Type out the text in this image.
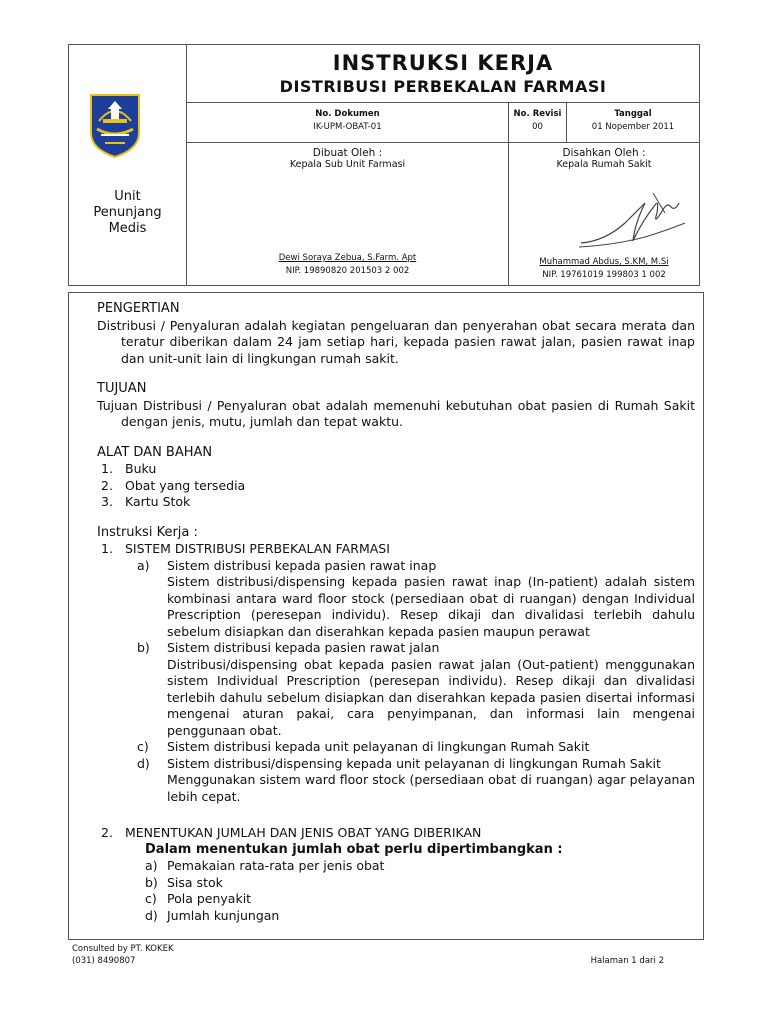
Unit
Penunjang
Medis
INSTRUKSI KERJA
DISTRIBUSI PERBEKALAN FARMASI
No. Dokumen
IK-UPM-OBAT-01
No. Revisi
00
Tanggal
01 Nopember 2011
Dibuat Oleh :
Kepala Sub Unit Farmasi
Dewi Soraya Zebua, S.Farm. Apt
NIP. 19890820 201503 2 002
Disahkan Oleh :
Kepala Rumah Sakit
Muhammad Abdus, S.KM, M.Si
NIP. 19761019 199803 1 002
PENGERTIAN
Distribusi / Penyaluran adalah kegiatan pengeluaran dan penyerahan obat secara merata dan teratur diberikan dalam 24 jam setiap hari, kepada pasien rawat jalan, pasien rawat inap dan unit-unit lain di lingkungan rumah sakit.
TUJUAN
Tujuan Distribusi / Penyaluran obat adalah memenuhi kebutuhan obat pasien di Rumah Sakit dengan jenis, mutu, jumlah dan tepat waktu.
ALAT DAN BAHAN
1. Buku
2. Obat yang tersedia
3. Kartu Stok
Instruksi Kerja :
1. SISTEM DISTRIBUSI PERBEKALAN FARMASI
a) Sistem distribusi kepada pasien rawat inap
Sistem distribusi/dispensing kepada pasien rawat inap (In-patient) adalah sistem kombinasi antara ward floor stock (persediaan obat di ruangan) dengan Individual Prescription (peresepan individu). Resep dikaji dan divalidasi terlebih dahulu sebelum disiapkan dan diserahkan kepada pasien maupun perawat
b) Sistem distribusi kepada pasien rawat jalan
Distribusi/dispensing obat kepada pasien rawat jalan (Out-patient) menggunakan sistem Individual Prescription (peresepan individu). Resep dikaji dan divalidasi terlebih dahulu sebelum disiapkan dan diserahkan kepada pasien disertai informasi mengenai aturan pakai, cara penyimpanan, dan informasi lain mengenai penggunaan obat.
c) Sistem distribusi kepada unit pelayanan di lingkungan Rumah Sakit
d) Sistem distribusi/dispensing kepada unit pelayanan di lingkungan Rumah Sakit
Menggunakan sistem ward floor stock (persediaan obat di ruangan) agar pelayanan lebih cepat.
2. MENENTUKAN JUMLAH DAN JENIS OBAT YANG DIBERIKAN
Dalam menentukan jumlah obat perlu dipertimbangkan :
a) Pemakaian rata-rata per jenis obat
b) Sisa stok
c) Pola penyakit
d) Jumlah kunjungan
Consulted by PT. KOKEK
(031) 8490807	Halaman 1 dari 2
